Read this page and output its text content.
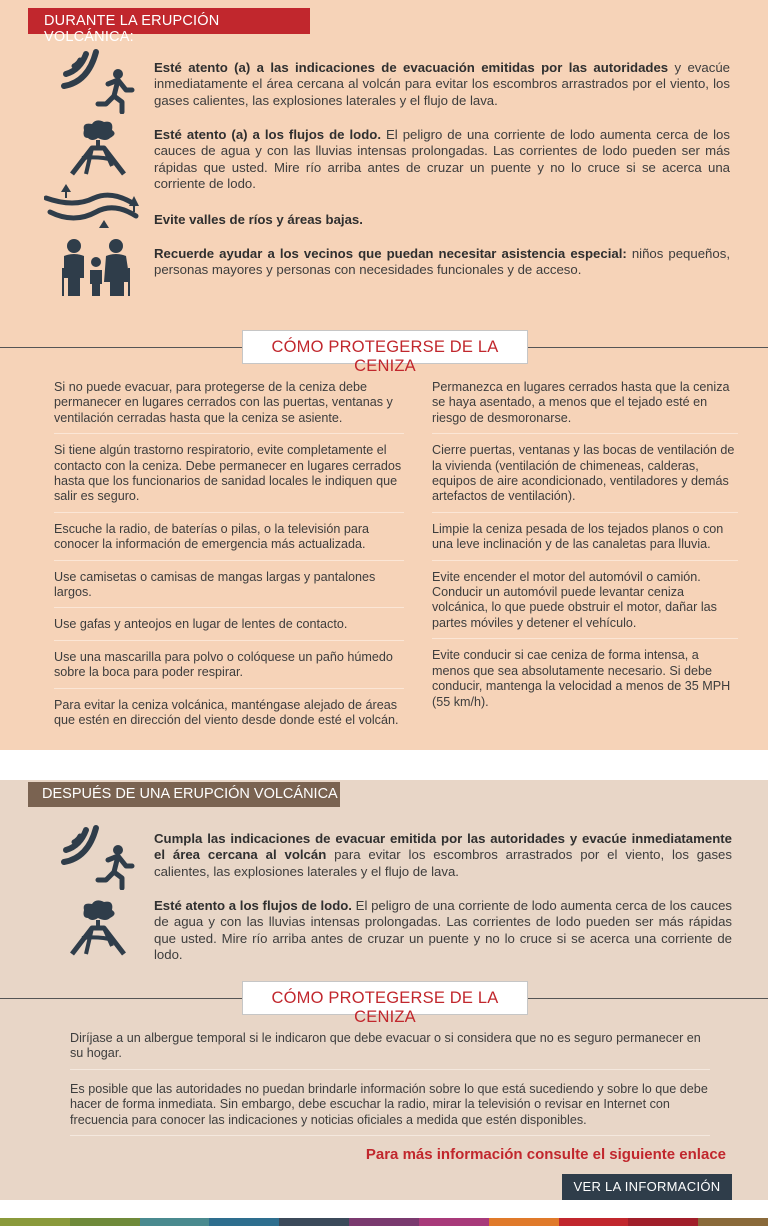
DURANTE LA ERUPCIÓN VOLCÁNICA:

Esté atento (a) a las indicaciones de evacuación emitidas por las autoridades y evacúe inmediatamente el área cercana al volcán para evitar los escombros arrastrados por el viento, los gases calientes, las explosiones laterales y el flujo de lava.

Esté atento (a) a los flujos de lodo. El peligro de una corriente de lodo aumenta cerca de los cauces de agua y con las lluvias intensas prolongadas. Las corrientes de lodo pueden ser más rápidas que usted. Mire río arriba antes de cruzar un puente y no lo cruce si se acerca una corriente de lodo.

Evite valles de ríos y áreas bajas.

Recuerde ayudar a los vecinos que puedan necesitar asistencia especial: niños pequeños, personas mayores y personas con necesidades funcionales y de acceso.

CÓMO PROTEGERSE DE LA CENIZA
Si no puede evacuar, para protegerse de la ceniza debe permanecer en lugares cerrados con las puertas, ventanas y ventilación cerradas hasta que la ceniza se asiente.
Si tiene algún trastorno respiratorio, evite completamente el contacto con la ceniza. Debe permanecer en lugares cerrados hasta que los funcionarios de sanidad locales le indiquen que salir es seguro.
Escuche la radio, de baterías o pilas, o la televisión para conocer la información de emergencia más actualizada.
Use camisetas o camisas de mangas largas y pantalones largos.
Use gafas y anteojos en lugar de lentes de contacto.
Use una mascarilla para polvo o colóquese un paño húmedo sobre la boca para poder respirar.
Para evitar la ceniza volcánica, manténgase alejado de áreas que estén en dirección del viento desde donde esté el volcán.
Permanezca en lugares cerrados hasta que la ceniza se haya asentado, a menos que el tejado esté en riesgo de desmoronarse.
Cierre puertas, ventanas y las bocas de ventilación de la vivienda (ventilación de chimeneas, calderas, equipos de aire acondicionado, ventiladores y demás artefactos de ventilación).
Limpie la ceniza pesada de los tejados planos o con una leve inclinación y de las canaletas para lluvia.
Evite encender el motor del automóvil o camión. Conducir un automóvil puede levantar ceniza volcánica, lo que puede obstruir el motor, dañar las partes móviles y detener el vehículo.
Evite conducir si cae ceniza de forma intensa, a menos que sea absolutamente necesario. Si debe conducir, mantenga la velocidad a menos de 35 MPH (55 km/h).
DESPUÉS DE UNA ERUPCIÓN VOLCÁNICA

Cumpla las indicaciones de evacuar emitida por las autoridades y evacúe inmediatamente el área cercana al volcán para evitar los escombros arrastrados por el viento, los gases calientes, las explosiones laterales y el flujo de lava.

Esté atento a los flujos de lodo. El peligro de una corriente de lodo aumenta cerca de los cauces de agua y con las lluvias intensas prolongadas. Las corrientes de lodo pueden ser más rápidas que usted. Mire río arriba antes de cruzar un puente y no lo cruce si se acerca una corriente de lodo.

CÓMO PROTEGERSE DE LA CENIZA
Diríjase a un albergue temporal si le indicaron que debe evacuar o si considera que no es seguro permanecer en su hogar.
Es posible que las autoridades no puedan brindarle información sobre lo que está sucediendo y sobre lo que debe hacer de forma inmediata. Sin embargo, debe escuchar la radio, mirar la televisión o revisar en Internet con frecuencia para conocer las indicaciones y noticias oficiales a medida que estén disponibles.
Para más información consulte el siguiente enlace
VER LA INFORMACIÓN
